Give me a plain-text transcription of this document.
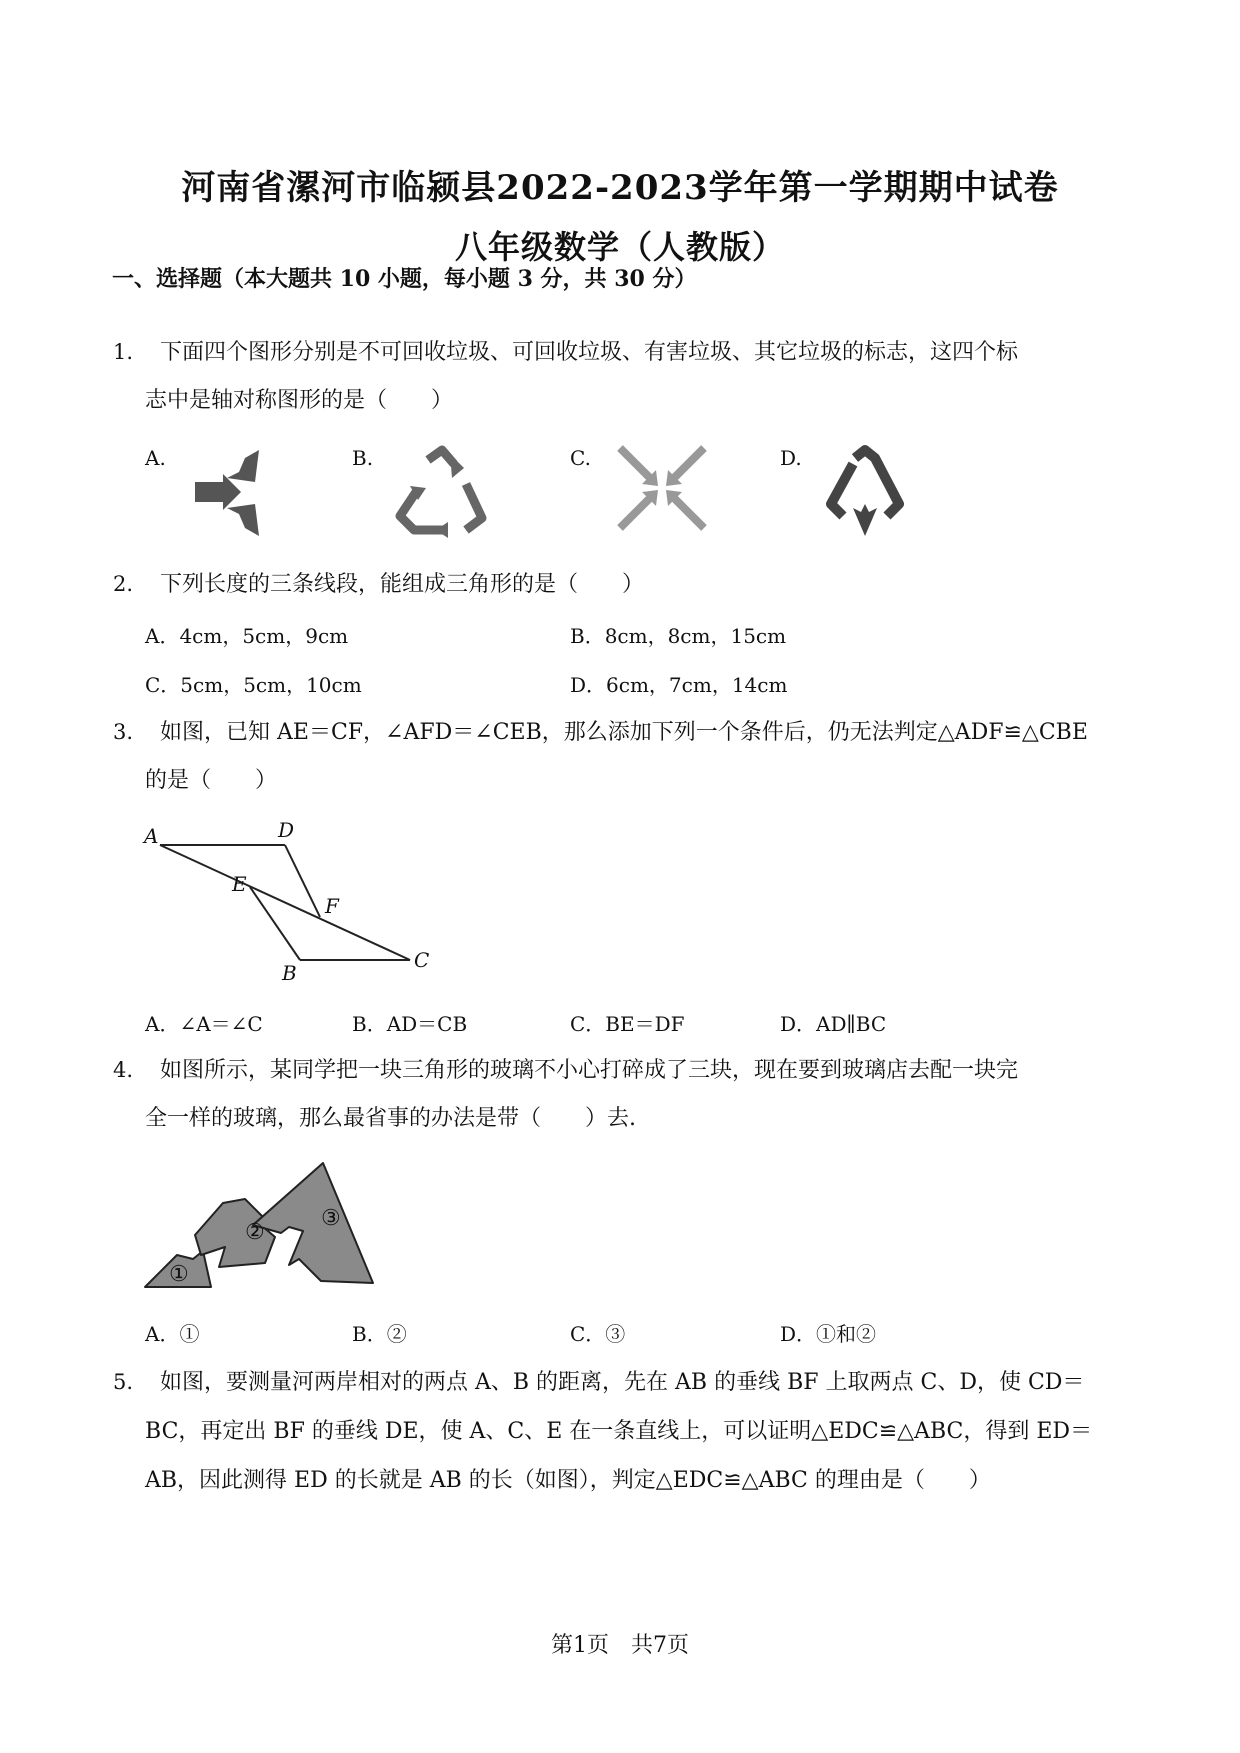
河南省漯河市临颍县2022-2023学年第一学期期中试卷
八年级数学（人教版）
一、选择题（本大题共 10 小题，每小题 3 分，共 30 分）
1. 下面四个图形分别是不可回收垃圾、可回收垃圾、有害垃圾、其它垃圾的标志，这四个标
志中是轴对称图形的是（　　）
A.	B.	C.	D.
2. 下列长度的三条线段，能组成三角形的是（　　）
A．4cm，5cm，9cm	B．8cm，8cm，15cm
C．5cm，5cm，10cm	D．6cm，7cm，14cm
3. 如图，已知 AE＝CF，∠AFD＝∠CEB，那么添加下列一个条件后，仍无法判定△ADF≌△CBE
的是（　　）
A	D
E
F
B
C
A．∠A＝∠C	B．AD＝CB	C．BE＝DF	D．AD∥BC
4. 如图所示，某同学把一块三角形的玻璃不小心打碎成了三块，现在要到玻璃店去配一块完
全一样的玻璃，那么最省事的办法是带（　　）去.
①
②
③
A．①	B．②	C．③	D．①和②
5. 如图，要测量河两岸相对的两点 A、B 的距离，先在 AB 的垂线 BF 上取两点 C、D，使 CD＝
BC，再定出 BF 的垂线 DE，使 A、C、E 在一条直线上，可以证明△EDC≌△ABC，得到 ED＝
AB，因此测得 ED 的长就是 AB 的长（如图），判定△EDC≌△ABC 的理由是（　　）
第1页　共7页
